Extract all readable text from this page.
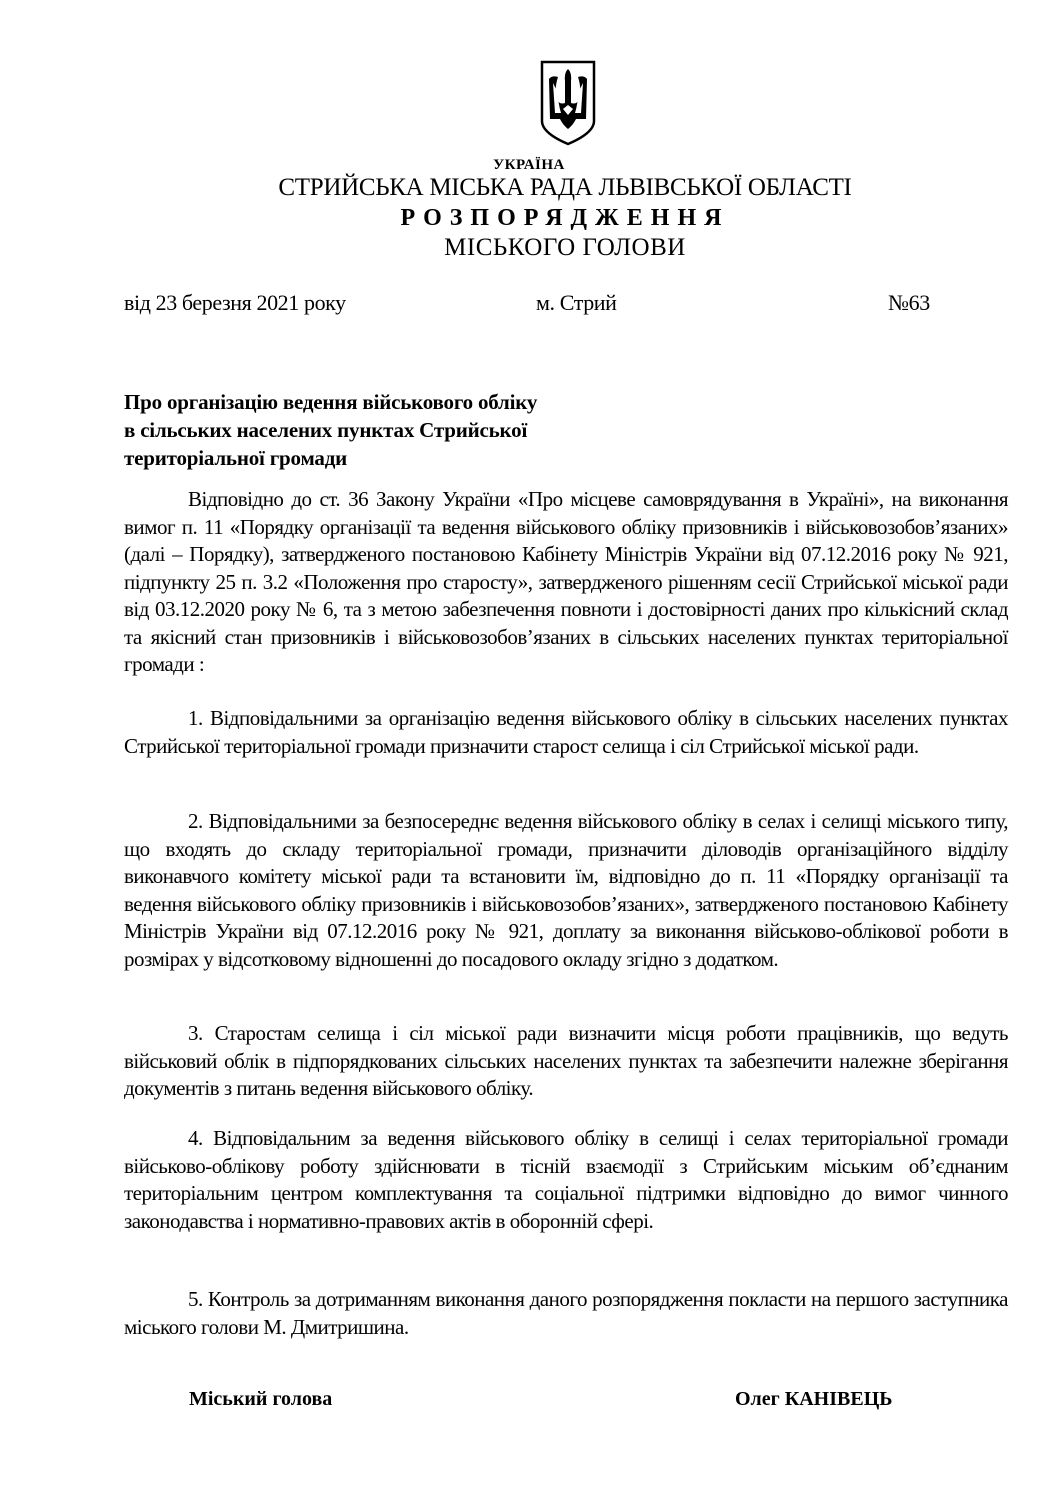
УКРАЇНА
СТРИЙСЬКА МІСЬКА РАДА ЛЬВІВСЬКОЇ ОБЛАСТІ
РОЗПОРЯДЖЕННЯ
МІСЬКОГО ГОЛОВИ
від 23 березня 2021 року	м. Стрий	№63
Про організацію ведення військового обліку
в сільських населених пунктах Стрийської
територіальної громади
Відповідно до ст. 36 Закону України «Про місцеве самоврядування в Україні», на виконання вимог п. 11 «Порядку організації та ведення військового обліку призовників і військовозобов’язаних» (далі – Порядку), затвердженого постановою Кабінету Міністрів України від 07.12.2016 року № 921, підпункту 25 п. 3.2 «Положення про старосту», затвердженого рішенням сесії Стрийської міської ради від 03.12.2020 року № 6, та з метою забезпечення повноти і достовірності даних про кількісний склад та якісний стан призовників і військовозобов’язаних в сільських населених пунктах територіальної громади :
1. Відповідальними за організацію ведення військового обліку в сільських населених пунктах Стрийської територіальної громади призначити старост селища і сіл Стрийської міської ради.
2. Відповідальними за безпосереднє ведення військового обліку в селах і селищі міського типу, що входять до складу територіальної громади, призначити діловодів організаційного відділу виконавчого комітету міської ради та встановити їм, відповідно до п. 11 «Порядку організації та ведення військового обліку призовників і військовозобов’язаних», затвердженого постановою Кабінету Міністрів України від 07.12.2016 року № 921, доплату за виконання військово-облікової роботи в розмірах у відсотковому відношенні до посадового окладу згідно з додатком.
3. Старостам селища і сіл міської ради визначити місця роботи працівників, що ведуть військовий облік в підпорядкованих сільських населених пунктах та забезпечити належне зберігання документів з питань ведення військового обліку.
4. Відповідальним за ведення військового обліку в селищі і селах територіальної громади військово-облікову роботу здійснювати в тісній взаємодії з Стрийським міським об’єднаним територіальним центром комплектування та соціальної підтримки відповідно до вимог чинного законодавства і нормативно-правових актів в оборонній сфері.
5. Контроль за дотриманням виконання даного розпорядження покласти на першого заступника міського голови М. Дмитришина.
Міський голова	Олег КАНІВЕЦЬ
